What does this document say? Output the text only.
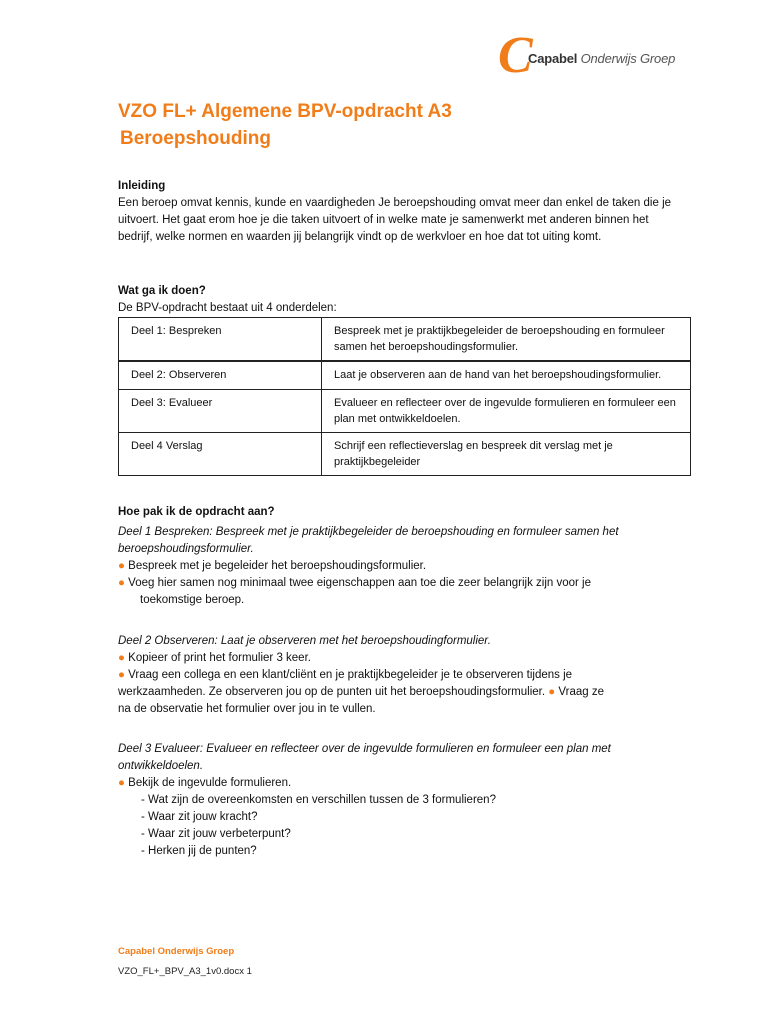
C
Capabel Onderwijs Groep
VZO FL+ Algemene BPV-opdracht A3
Beroepshouding

Inleiding

Een beroep omvat kennis, kunde en vaardigheden Je beroepshouding omvat meer dan enkel de taken die je uitvoert. Het gaat erom hoe je die taken uitvoert of in welke mate je samenwerkt met anderen binnen het bedrijf, welke normen en waarden jij belangrijk vindt op de werkvloer en hoe dat tot uiting komt.

Wat ga ik doen?

De BPV-opdracht bestaat uit 4 onderdelen:

Deel 1: Bespreken	Bespreek met je praktijkbegeleider de beroepshouding en formuleer samen het beroepshoudingsformulier.
Deel 2: Observeren	Laat je observeren aan de hand van het beroepshoudingsformulier.
Deel 3: Evalueer	Evalueer en reflecteer over de ingevulde formulieren en formuleer een plan met ontwikkeldoelen.
Deel 4 Verslag	Schrijf een reflectieverslag en bespreek dit verslag met je praktijkbegeleider

Hoe pak ik de opdracht aan?

Deel 1 Bespreken: Bespreek met je praktijkbegeleider de beroepshouding en formuleer samen het

beroepshoudingsformulier.

● Bespreek met je begeleider het beroepshoudingsformulier.

● Voeg hier samen nog minimaal twee eigenschappen aan toe die zeer belangrijk zijn voor je

toekomstige beroep.

Deel 2 Observeren: Laat je observeren met het beroepshoudingformulier.

● Kopieer of print het formulier 3 keer.

● Vraag een collega en een klant/cliënt en je praktijkbegeleider je te observeren tijdens je

werkzaamheden. Ze observeren jou op de punten uit het beroepshoudingsformulier. ● Vraag ze

na de observatie het formulier over jou in te vullen.

Deel 3 Evalueer: Evalueer en reflecteer over de ingevulde formulieren en formuleer een plan met

ontwikkeldoelen.

● Bekijk de ingevulde formulieren.

- Wat zijn de overeenkomsten en verschillen tussen de 3 formulieren?

- Waar zit jouw kracht?

- Waar zit jouw verbeterpunt?

- Herken jij de punten?

Capabel Onderwijs Groep

VZO_FL+_BPV_A3_1v0.docx 1
